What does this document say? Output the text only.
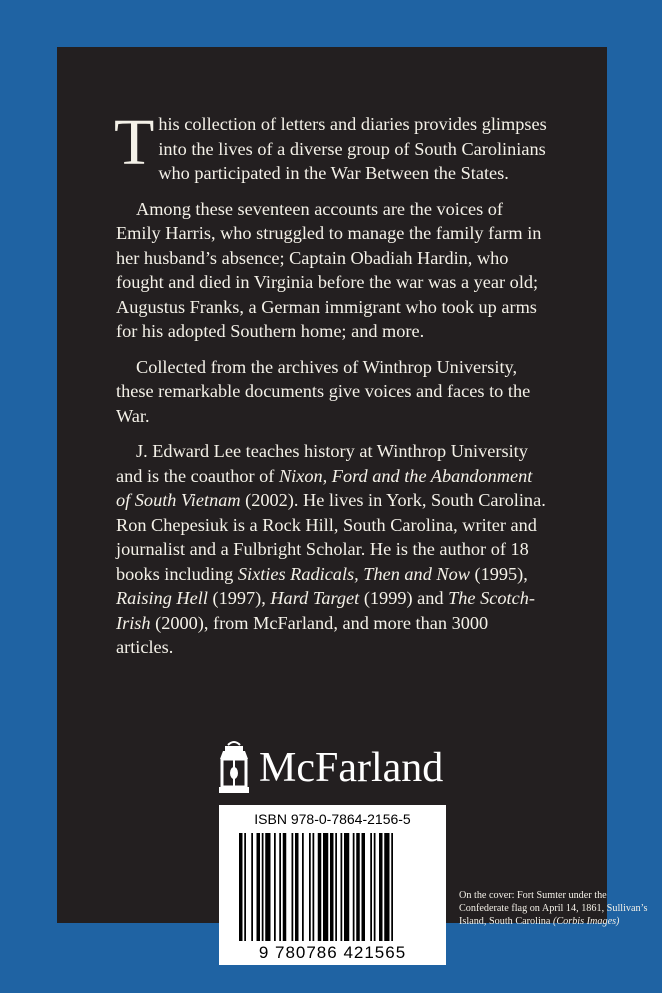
This collection of letters and diaries provides glimpses into the lives of a diverse group of South Carolinians who participated in the War Between the States.

Among these seventeen accounts are the voices of Emily Harris, who struggled to manage the family farm in her husband’s absence; Captain Obadiah Hardin, who fought and died in Virginia before the war was a year old; Augustus Franks, a German immigrant who took up arms for his adopted Southern home; and more.

Collected from the archives of Winthrop University, these remarkable documents give voices and faces to the War.

J. Edward Lee teaches history at Winthrop University and is the coauthor of Nixon, Ford and the Abandonment of South Vietnam (2002). He lives in York, South Carolina. Ron Chepesiuk is a Rock Hill, South Carolina, writer and journalist and a Fulbright Scholar. He is the author of 18 books including Sixties Radicals, Then and Now (1995), Raising Hell (1997), Hard Target (1999) and The Scotch-Irish (2000), from McFarland, and more than 3000 articles.

McFarland
ISBN 978-0-7864-2156-5
9 780786 421565
On the cover: Fort Sumter under the Confederate flag on April 14, 1861, Sullivan’s Island, South Carolina (Corbis Images)
